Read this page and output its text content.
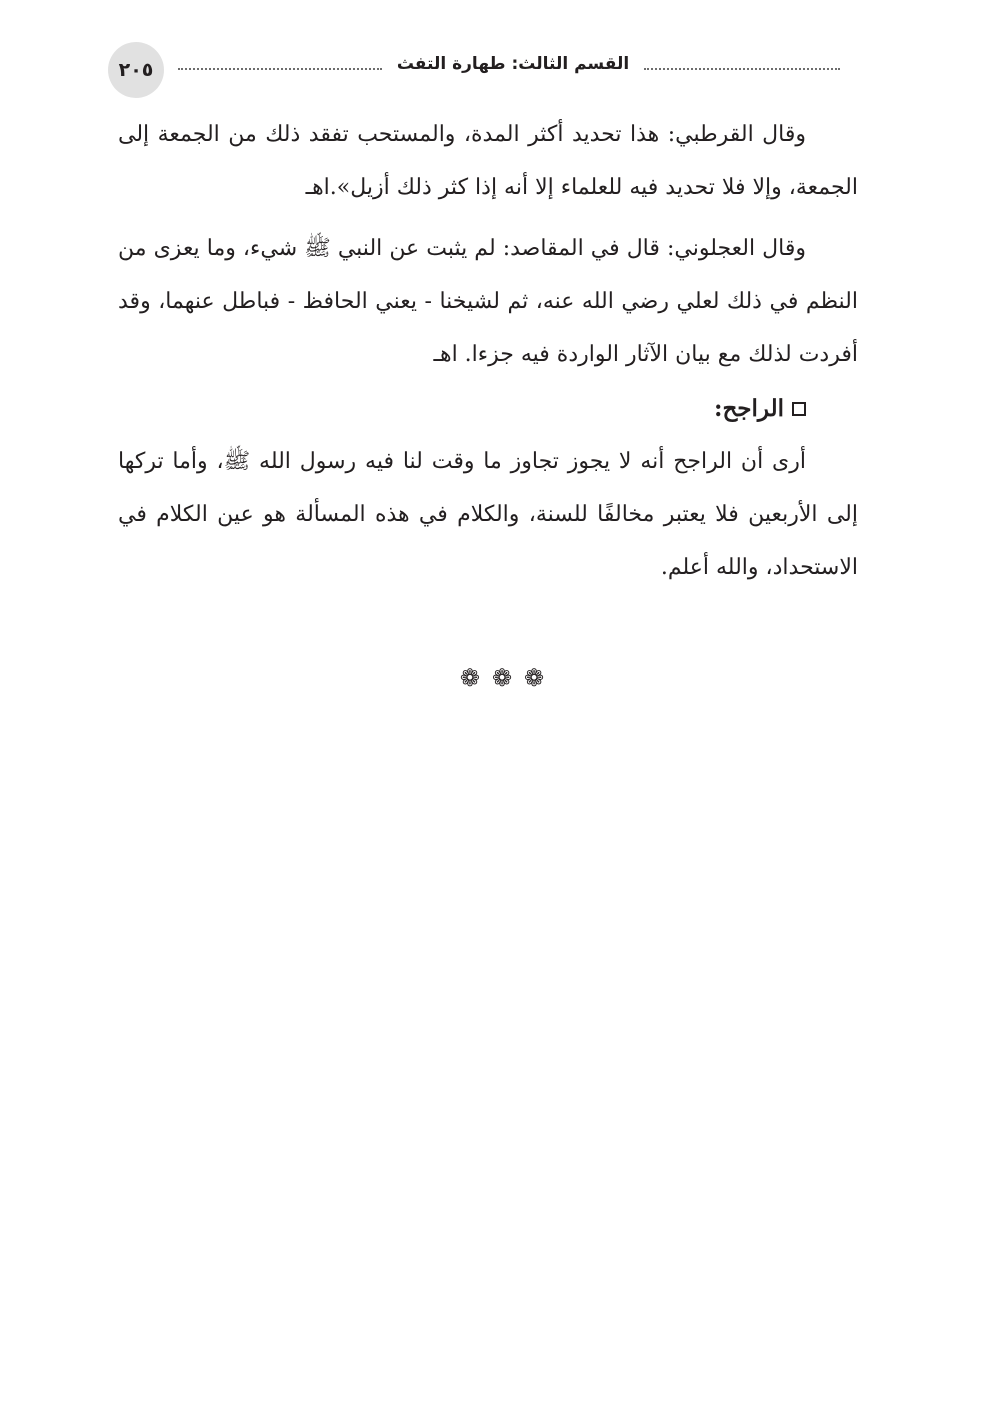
٢٠٥	القسم الثالث: طهارة التفث

وقال القرطبي: هذا تحديد أكثر المدة، والمستحب تفقد ذلك من الجمعة إلى الجمعة، وإلا فلا تحديد فيه للعلماء إلا أنه إذا كثر ذلك أزيل».اهـ

وقال العجلوني: قال في المقاصد: لم يثبت عن النبي ﷺ شيء، وما يعزى من النظم في ذلك لعلي رضي الله عنه، ثم لشيخنا - يعني الحافظ - فباطل عنهما، وقد أفردت لذلك مع بيان الآثار الواردة فيه جزءا. اهـ

الراجح:

أرى أن الراجح أنه لا يجوز تجاوز ما وقت لنا فيه رسول الله ﷺ، وأما تركها إلى الأربعين فلا يعتبر مخالفًا للسنة، والكلام في هذه المسألة هو عين الكلام في الاستحداد، والله أعلم.

❁ ❁ ❁
